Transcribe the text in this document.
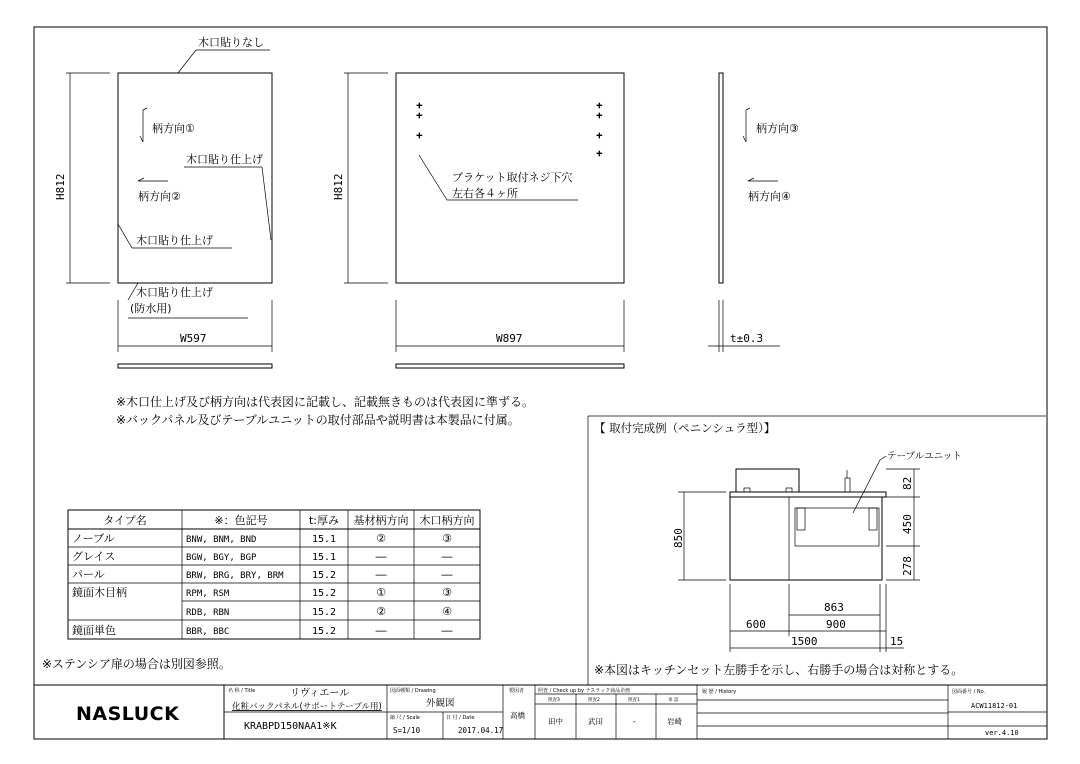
木口貼りなし
柄方向①
木口貼り仕上げ
柄方向②
木口貼り仕上げ
木口貼り仕上げ
(防水用)
H812
W597
+
+
+
+
+
+
+
ブラケット取付ネジ下穴
左右各４ヶ所
H812
W897
柄方向③
柄方向④
t±0.3
※木口仕上げ及び柄方向は代表図に記載し、記載無きものは代表図に準ずる。
※バックパネル及びテーブルユニットの取付部品や説明書は本製品に付属。
タイプ名	※：色記号	t:厚み 基材柄方向 木口柄方向
ノーブル	BNW, BNM, BND	15.1	②	③
グレイス	BGW, BGY, BGP	15.1	―	―
パール	BRW, BRG, BRY, BRM	15.2	―	―
鏡面木目柄	RPM, RSM	15.2	①	③
RDB, RBN	15.2	②	④
鏡面単色	BBR, BBC	15.2	―	―
※ステンシア扉の場合は別図参照。
【 取付完成例（ペニンシュラ型）】
テーブルユニット
850
82
450
278
863
600	900
1500	15
※本図はキッチンセット左勝手を示し、右勝手の場合は対称とする。
NASLUCK
名 称 / Title	リヴィエール
化粧バックパネル(サポートテーブル用)
KRABPD150NAA1※K
図面種類 / Drawing
外観図
縮 尺 / Scale
S=1/10
日 付 / Date
2017.04.17
製図者
高橋
照査 / Check up by ナスラック商品企画
照査3	照査2	照査1	承 認
田中	武田	-	岩崎
履 歴 / History	図面番号 / No.
ACW11812-01
ver.4.10
